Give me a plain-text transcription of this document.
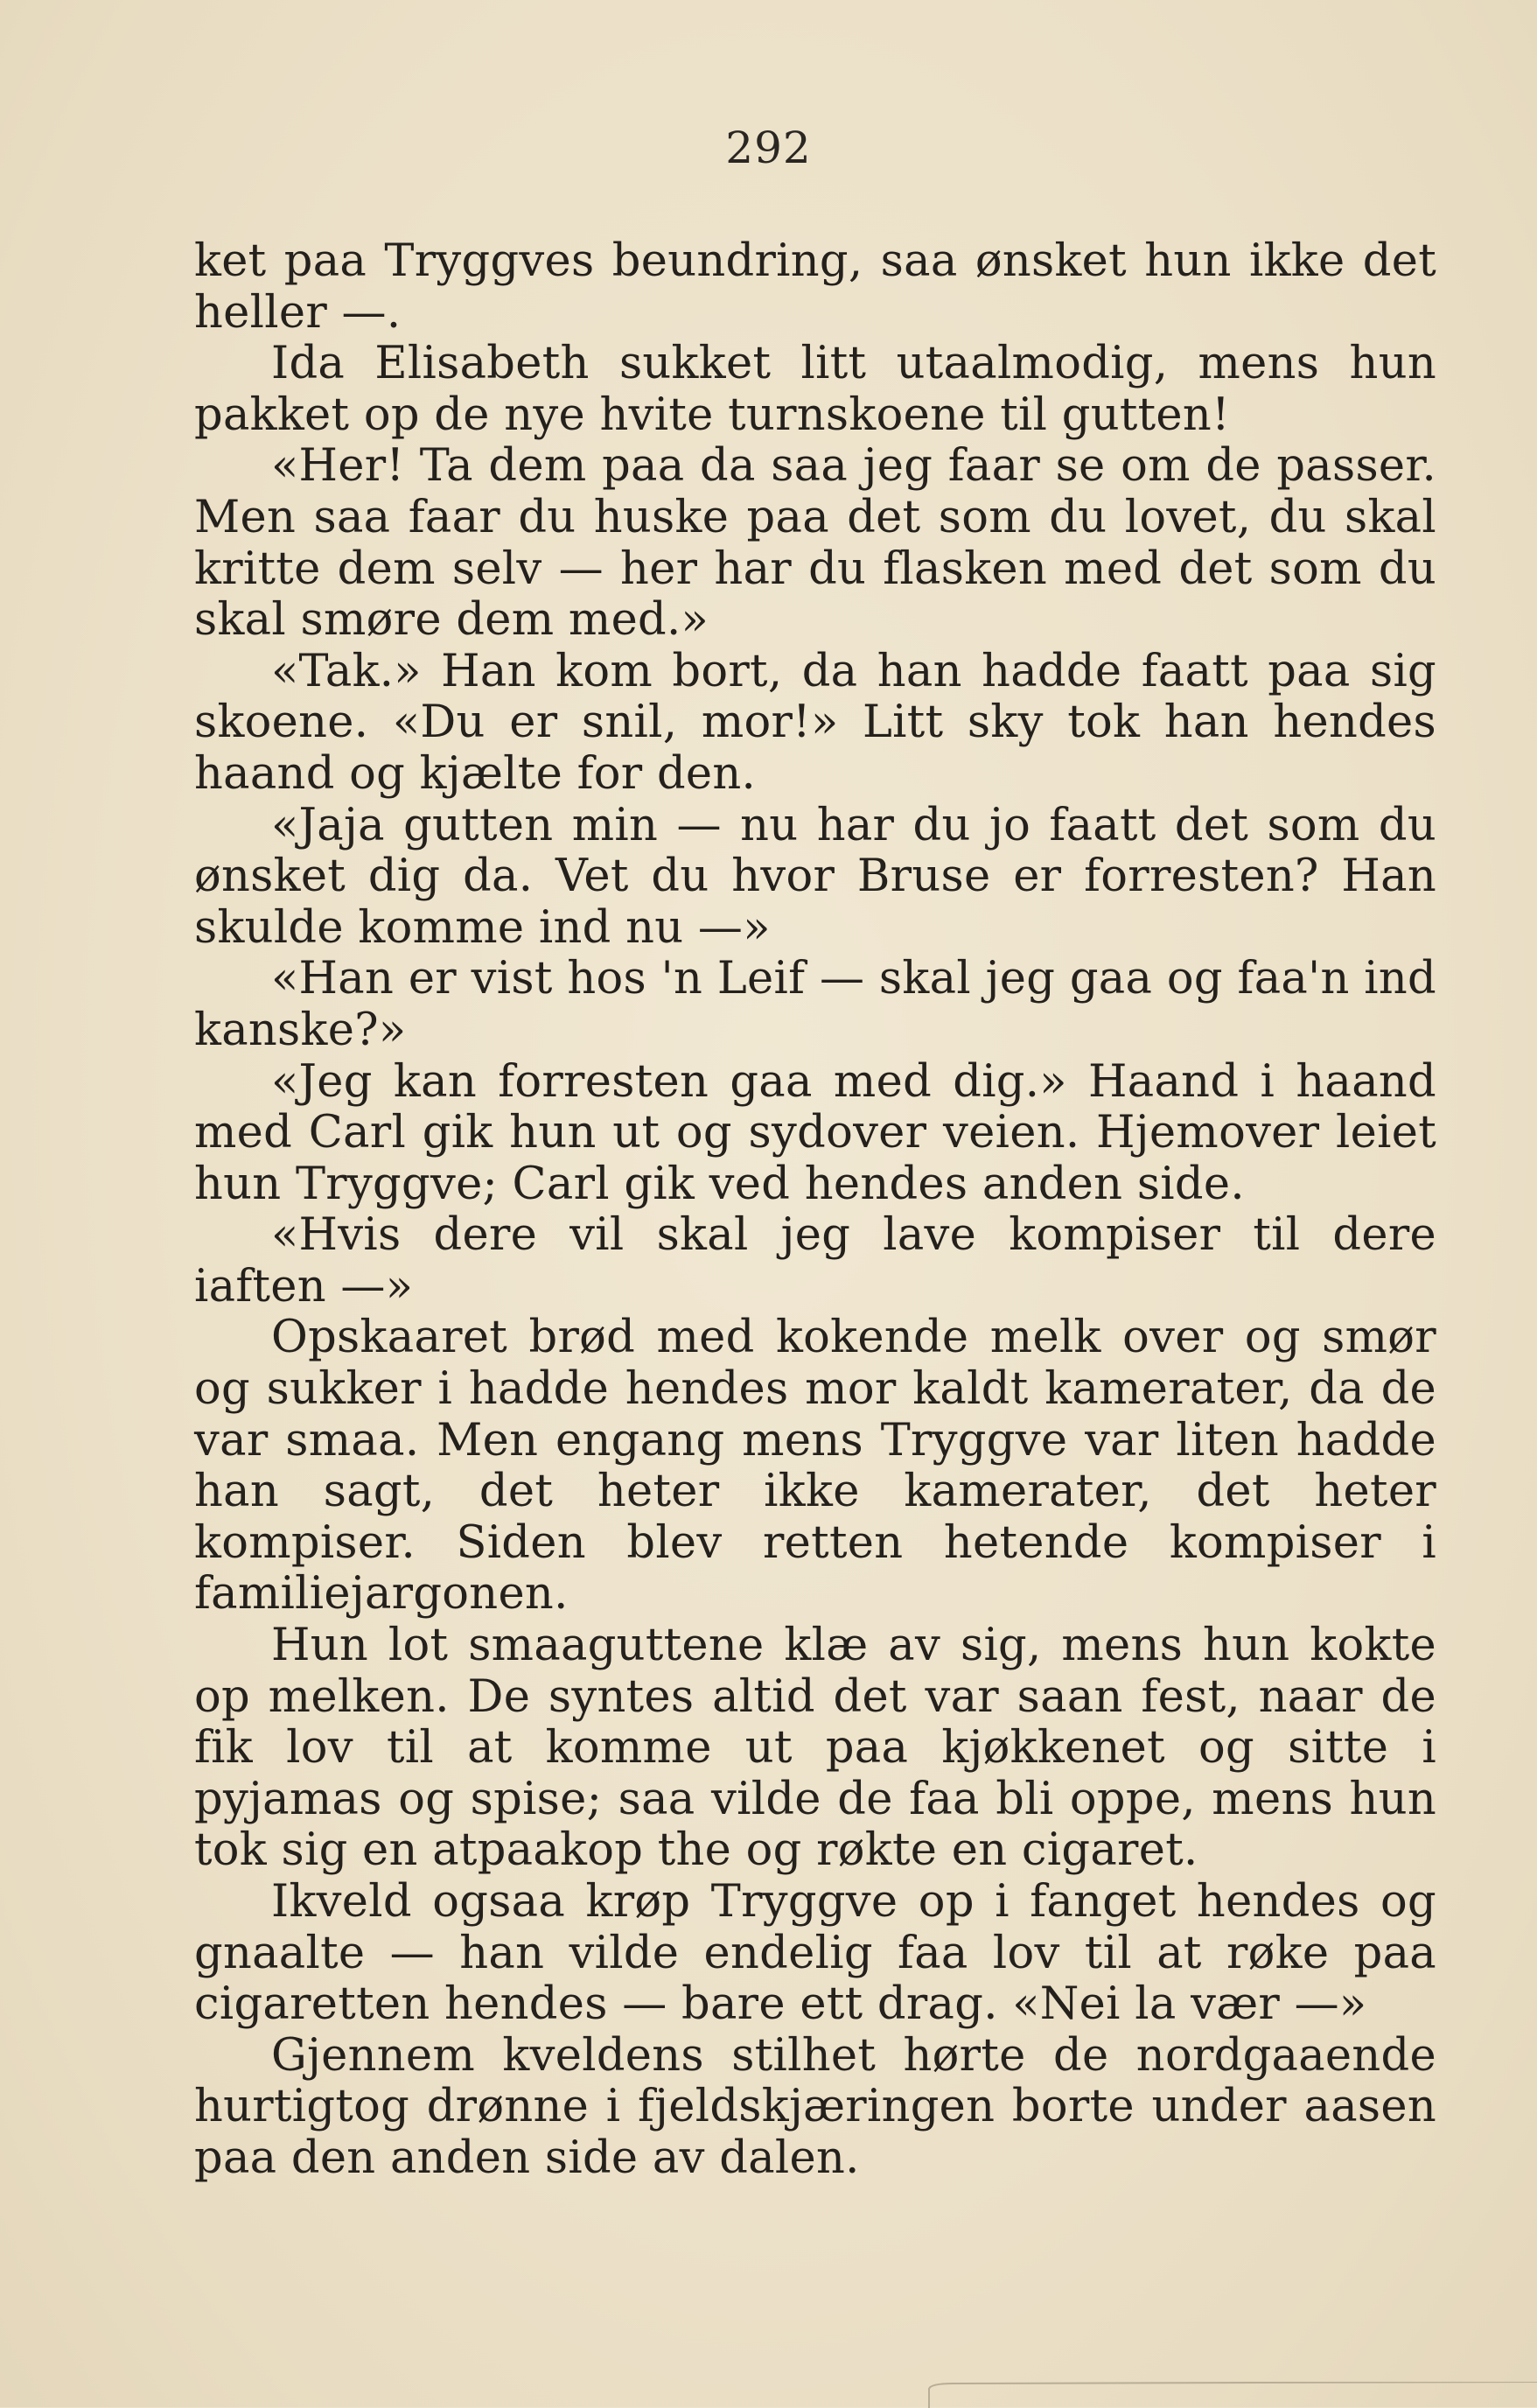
292

ket paa Tryggves beundring, saa ønsket hun ikke det heller —.

Ida Elisabeth sukket litt utaalmodig, mens hun pakket op de nye hvite turnskoene til gutten!

«Her! Ta dem paa da saa jeg faar se om de passer. Men saa faar du huske paa det som du lovet, du skal kritte dem selv — her har du flasken med det som du skal smøre dem med.»

«Tak.» Han kom bort, da han hadde faatt paa sig skoene. «Du er snil, mor!» Litt sky tok han hendes haand og kjælte for den.

«Jaja gutten min — nu har du jo faatt det som du ønsket dig da. Vet du hvor Bruse er forresten? Han skulde komme ind nu —»

«Han er vist hos 'n Leif — skal jeg gaa og faa'n ind kanske?»

«Jeg kan forresten gaa med dig.» Haand i haand med Carl gik hun ut og sydover veien. Hjemover leiet hun Tryggve; Carl gik ved hendes anden side.

«Hvis dere vil skal jeg lave kompiser til dere iaften —»

Opskaaret brød med kokende melk over og smør og sukker i hadde hendes mor kaldt kamerater, da de var smaa. Men engang mens Tryggve var liten hadde han sagt, det heter ikke kamerater, det heter kompiser. Siden blev retten hetende kompiser i familiejargonen.

Hun lot smaaguttene klæ av sig, mens hun kokte op melken. De syntes altid det var saan fest, naar de fik lov til at komme ut paa kjøkkenet og sitte i pyjamas og spise; saa vilde de faa bli oppe, mens hun tok sig en atpaakop the og røkte en cigaret.

Ikveld ogsaa krøp Tryggve op i fanget hendes og gnaalte — han vilde endelig faa lov til at røke paa cigaretten hendes — bare ett drag. «Nei la vær —»

Gjennem kveldens stilhet hørte de nordgaaende hurtigtog drønne i fjeldskjæringen borte under aasen paa den anden side av dalen.
